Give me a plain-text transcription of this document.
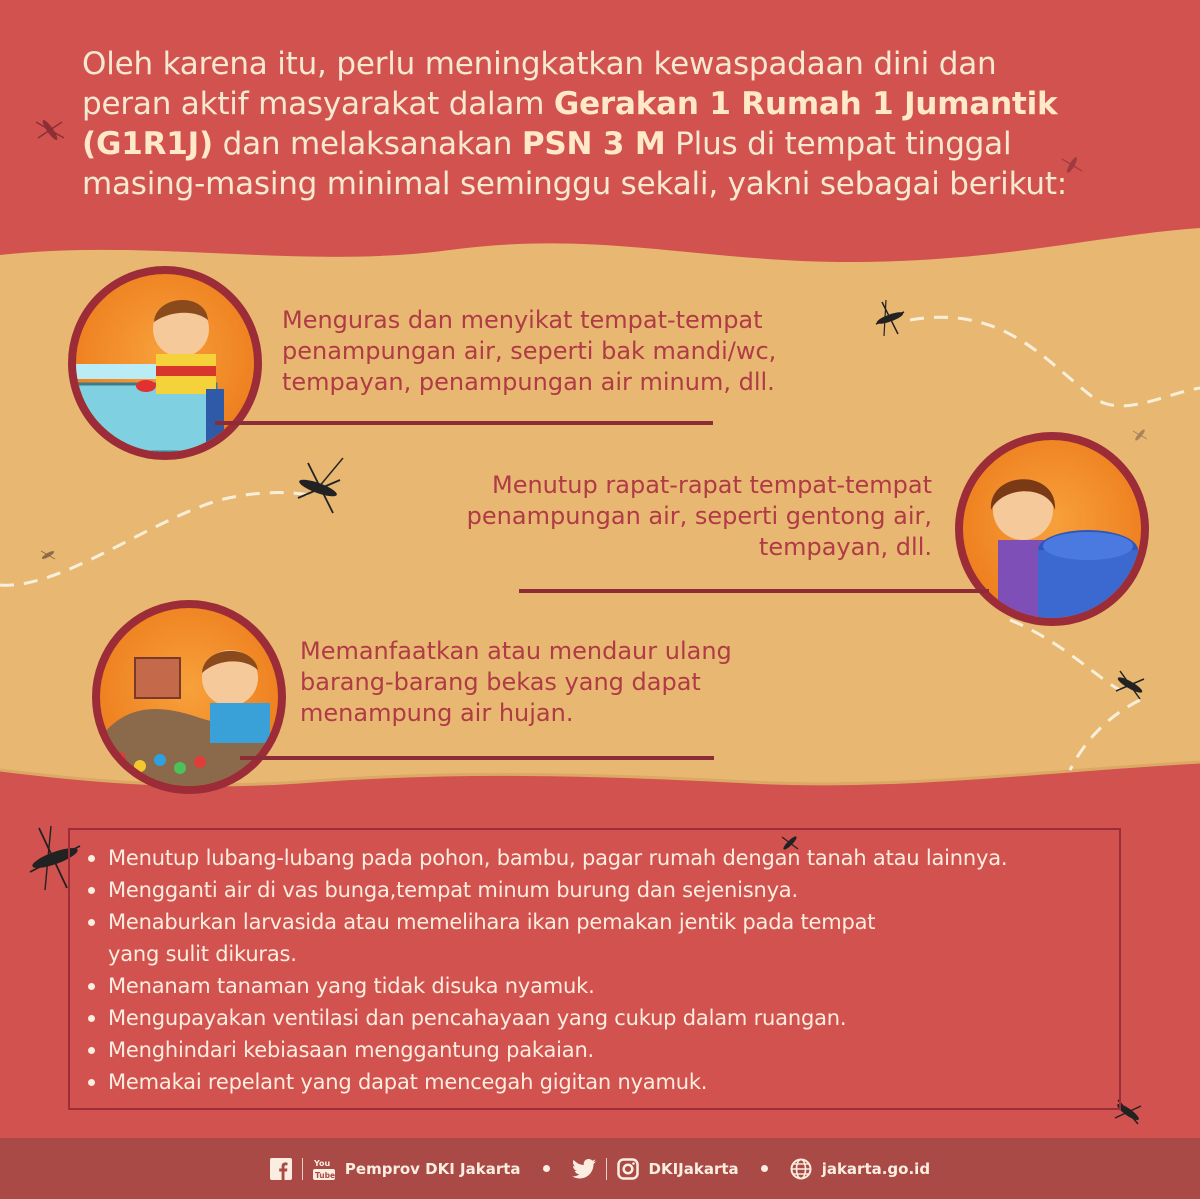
Oleh karena itu, perlu meningkatkan kewaspadaan dini dan
peran aktif masyarakat dalam Gerakan 1 Rumah 1 Jumantik
(G1R1J) dan melaksanakan PSN 3 M Plus di tempat tinggal
masing-masing minimal seminggu sekali, yakni sebagai berikut:

Menguras dan menyikat tempat-tempat
penampungan air, seperti bak mandi/wc,
tempayan, penampungan air minum, dll.

Menutup rapat-rapat tempat-tempat
penampungan air, seperti gentong air,
tempayan, dll.

Memanfaatkan atau mendaur ulang
barang-barang bekas yang dapat
menampung air hujan.

Menutup lubang-lubang pada pohon, bambu, pagar rumah dengan tanah atau lainnya.
Mengganti air di vas bunga,tempat minum burung dan sejenisnya.
Menaburkan larvasida atau memelihara ikan pemakan jentik pada tempat
yang sulit dikuras.
Menanam tanaman yang tidak disuka nyamuk.
Mengupayakan ventilasi dan pencahayaan yang cukup dalam ruangan.
Menghindari kebiasaan menggantung pakaian.
Memakai repelant yang dapat mencegah gigitan nyamuk.
You
Tube Pemprov DKI Jakarta	DKIJakarta	jakarta.go.id
